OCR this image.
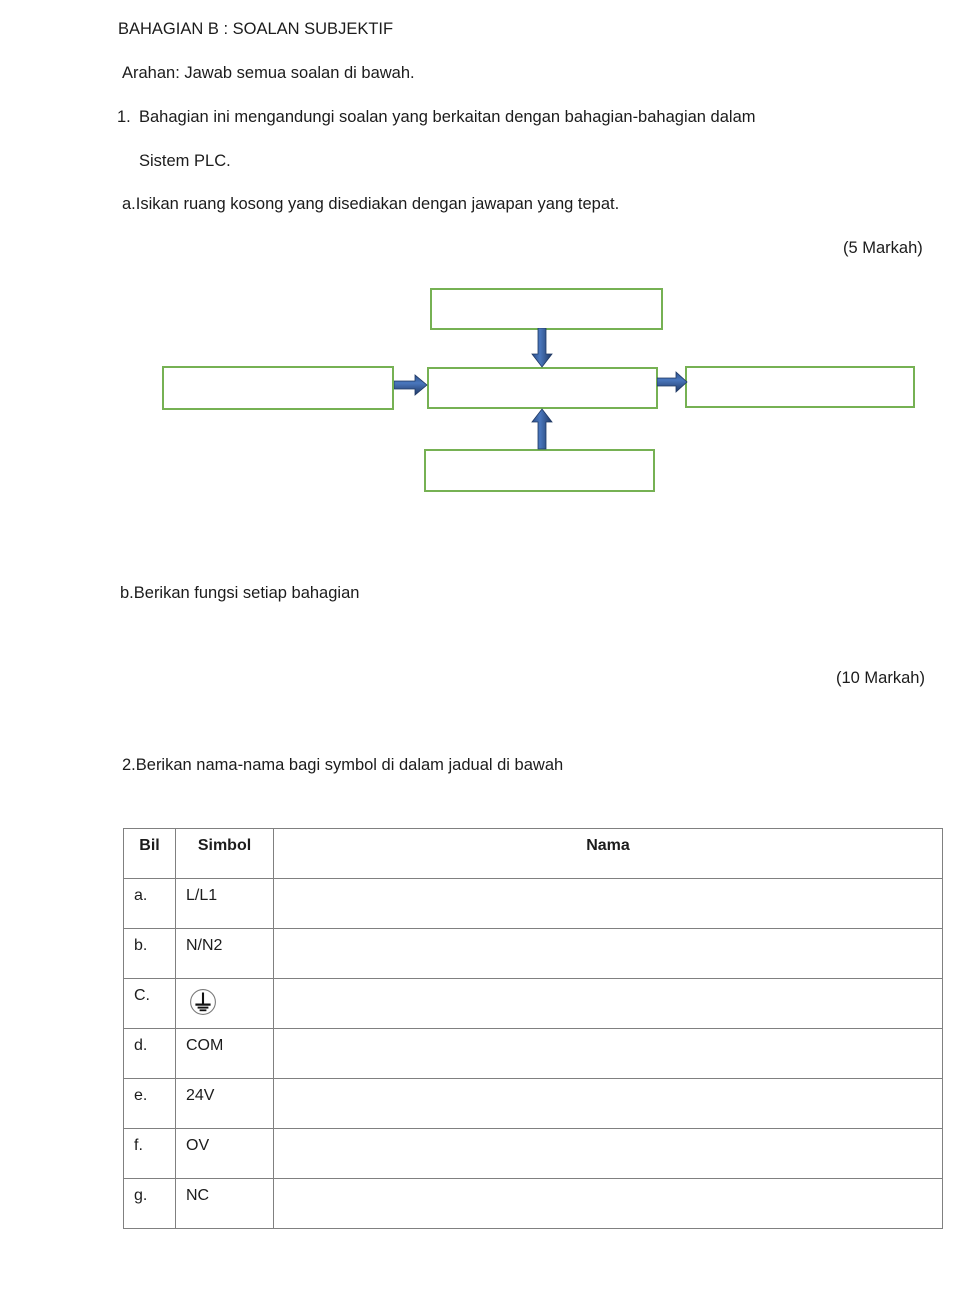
BAHAGIAN B : SOALAN SUBJEKTIF
Arahan: Jawab semua soalan di bawah.
1. Bahagian ini mengandungi soalan yang berkaitan dengan bahagian-bahagian dalam
Sistem PLC.
a.Isikan ruang kosong yang disediakan dengan jawapan yang tepat.
(5 Markah)
b.Berikan fungsi setiap bahagian
(10 Markah)
2.Berikan nama-nama bagi symbol di dalam jadual di bawah
Bil	Simbol	Nama
a.	L/L1	
b.	N/N2	
C.	

d.	COM	
e.	24V	
f.	OV	
g.	NC	
